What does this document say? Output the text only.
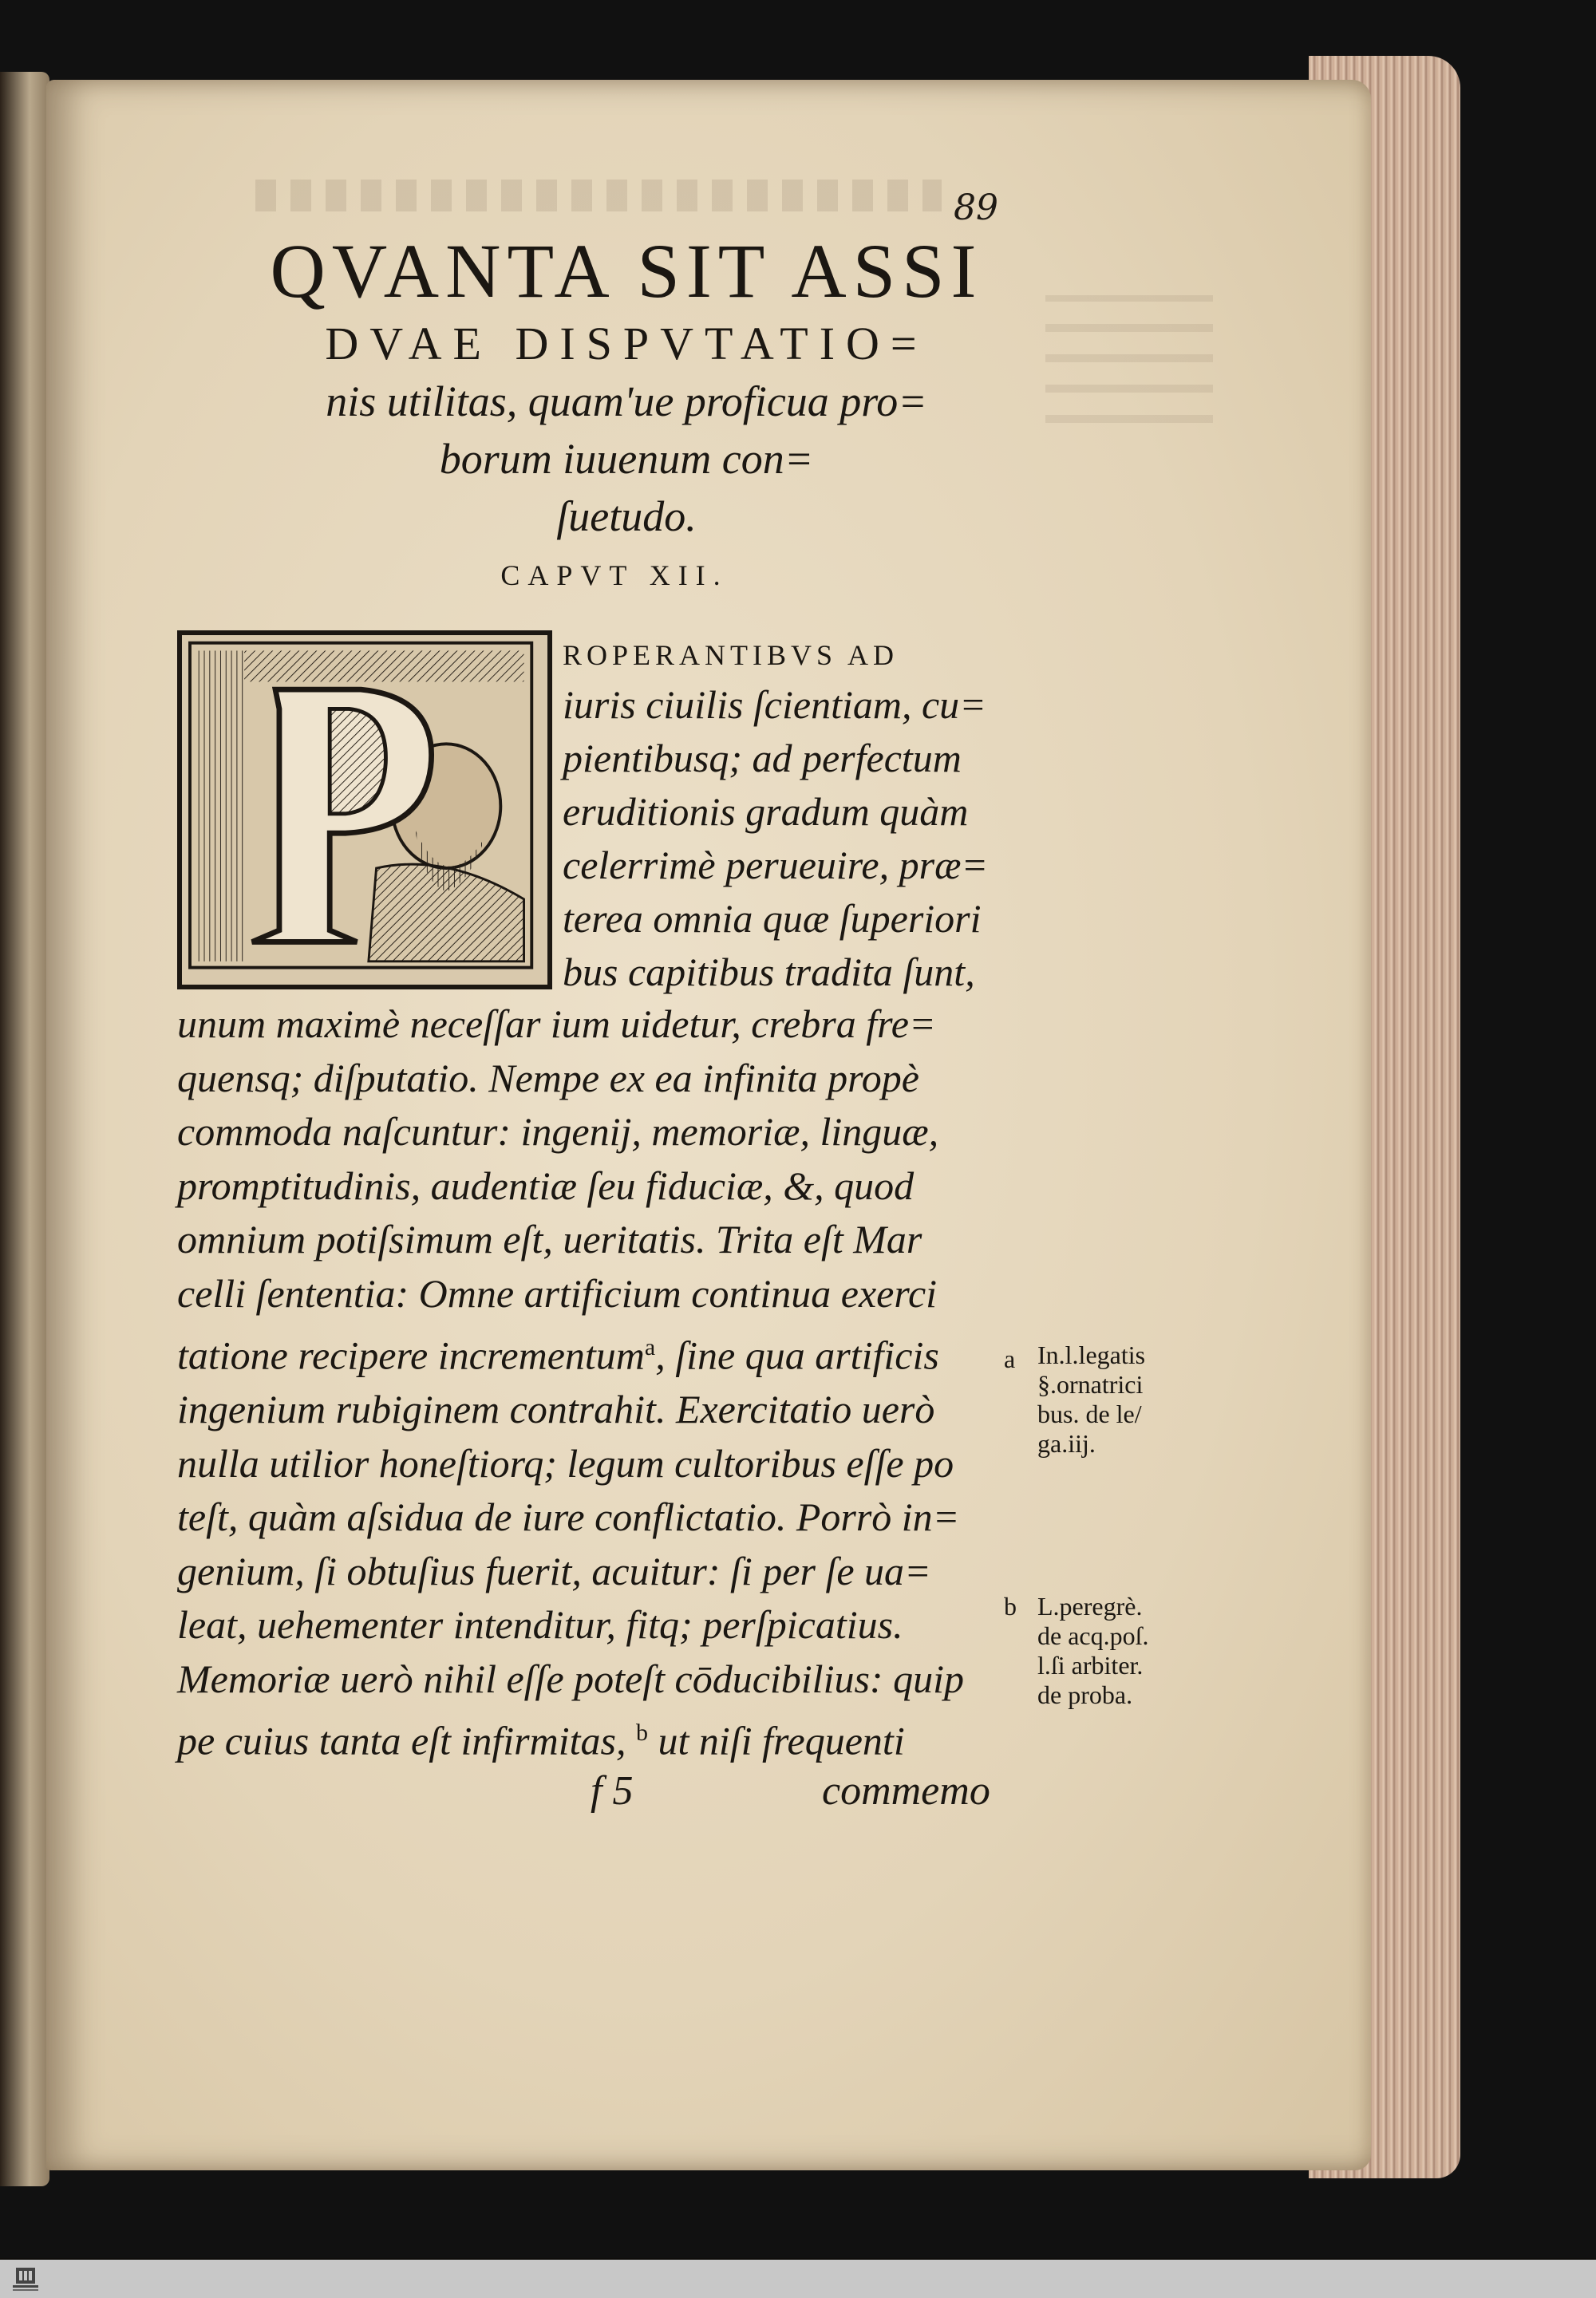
89
QVANTA SIT ASSI
DVAE DISPVTATIO=
nis utilitas, quam'ue proficua pro=
borum iuuenum con=
ſuetudo.
CAPVT XII.
ROPERANTIBVS AD
iuris ciuilis ſcientiam, cu=
pientibusq; ad perfectum
eruditionis gradum quàm
celerrimè perueuire, præ=
terea omnia quæ ſuperiori
bus capitibus tradita ſunt,
unum maximè neceſſar ium uidetur, crebra fre=
quensq; diſputatio. Nempe ex ea infinita propè
commoda naſcuntur: ingenij, memoriæ, linguæ,
promptitudinis, audentiæ ſeu fiduciæ, &, quod
omnium potiſsimum eſt, ueritatis. Trita eſt Mar
celli ſententia: Omne artificium continua exerci
tatione recipere incrementum$^a$, ſine qua artificis
ingenium rubiginem contrahit. Exercitatio uerò
nulla utilior honeſtiorq; legum cultoribus eſſe po
teſt, quàm aſsidua de iure conflictatio. Porrò in=
genium, ſi obtuſius fuerit, acuitur: ſi per ſe ua=
leat, uehementer intenditur, fitq; perſpicatius.
Memoriæ uerò nihil eſſe poteſt cōducibilius: quip
pe cuius tanta eſt infirmitas, $^b$ ut niſi frequenti
f 5	commemo
a In.l.legatis
§.ornatrici
bus. de le/
ga.iij.
b L.peregrè.
de acq.poſ.
l.ſi arbiter.
de proba.
